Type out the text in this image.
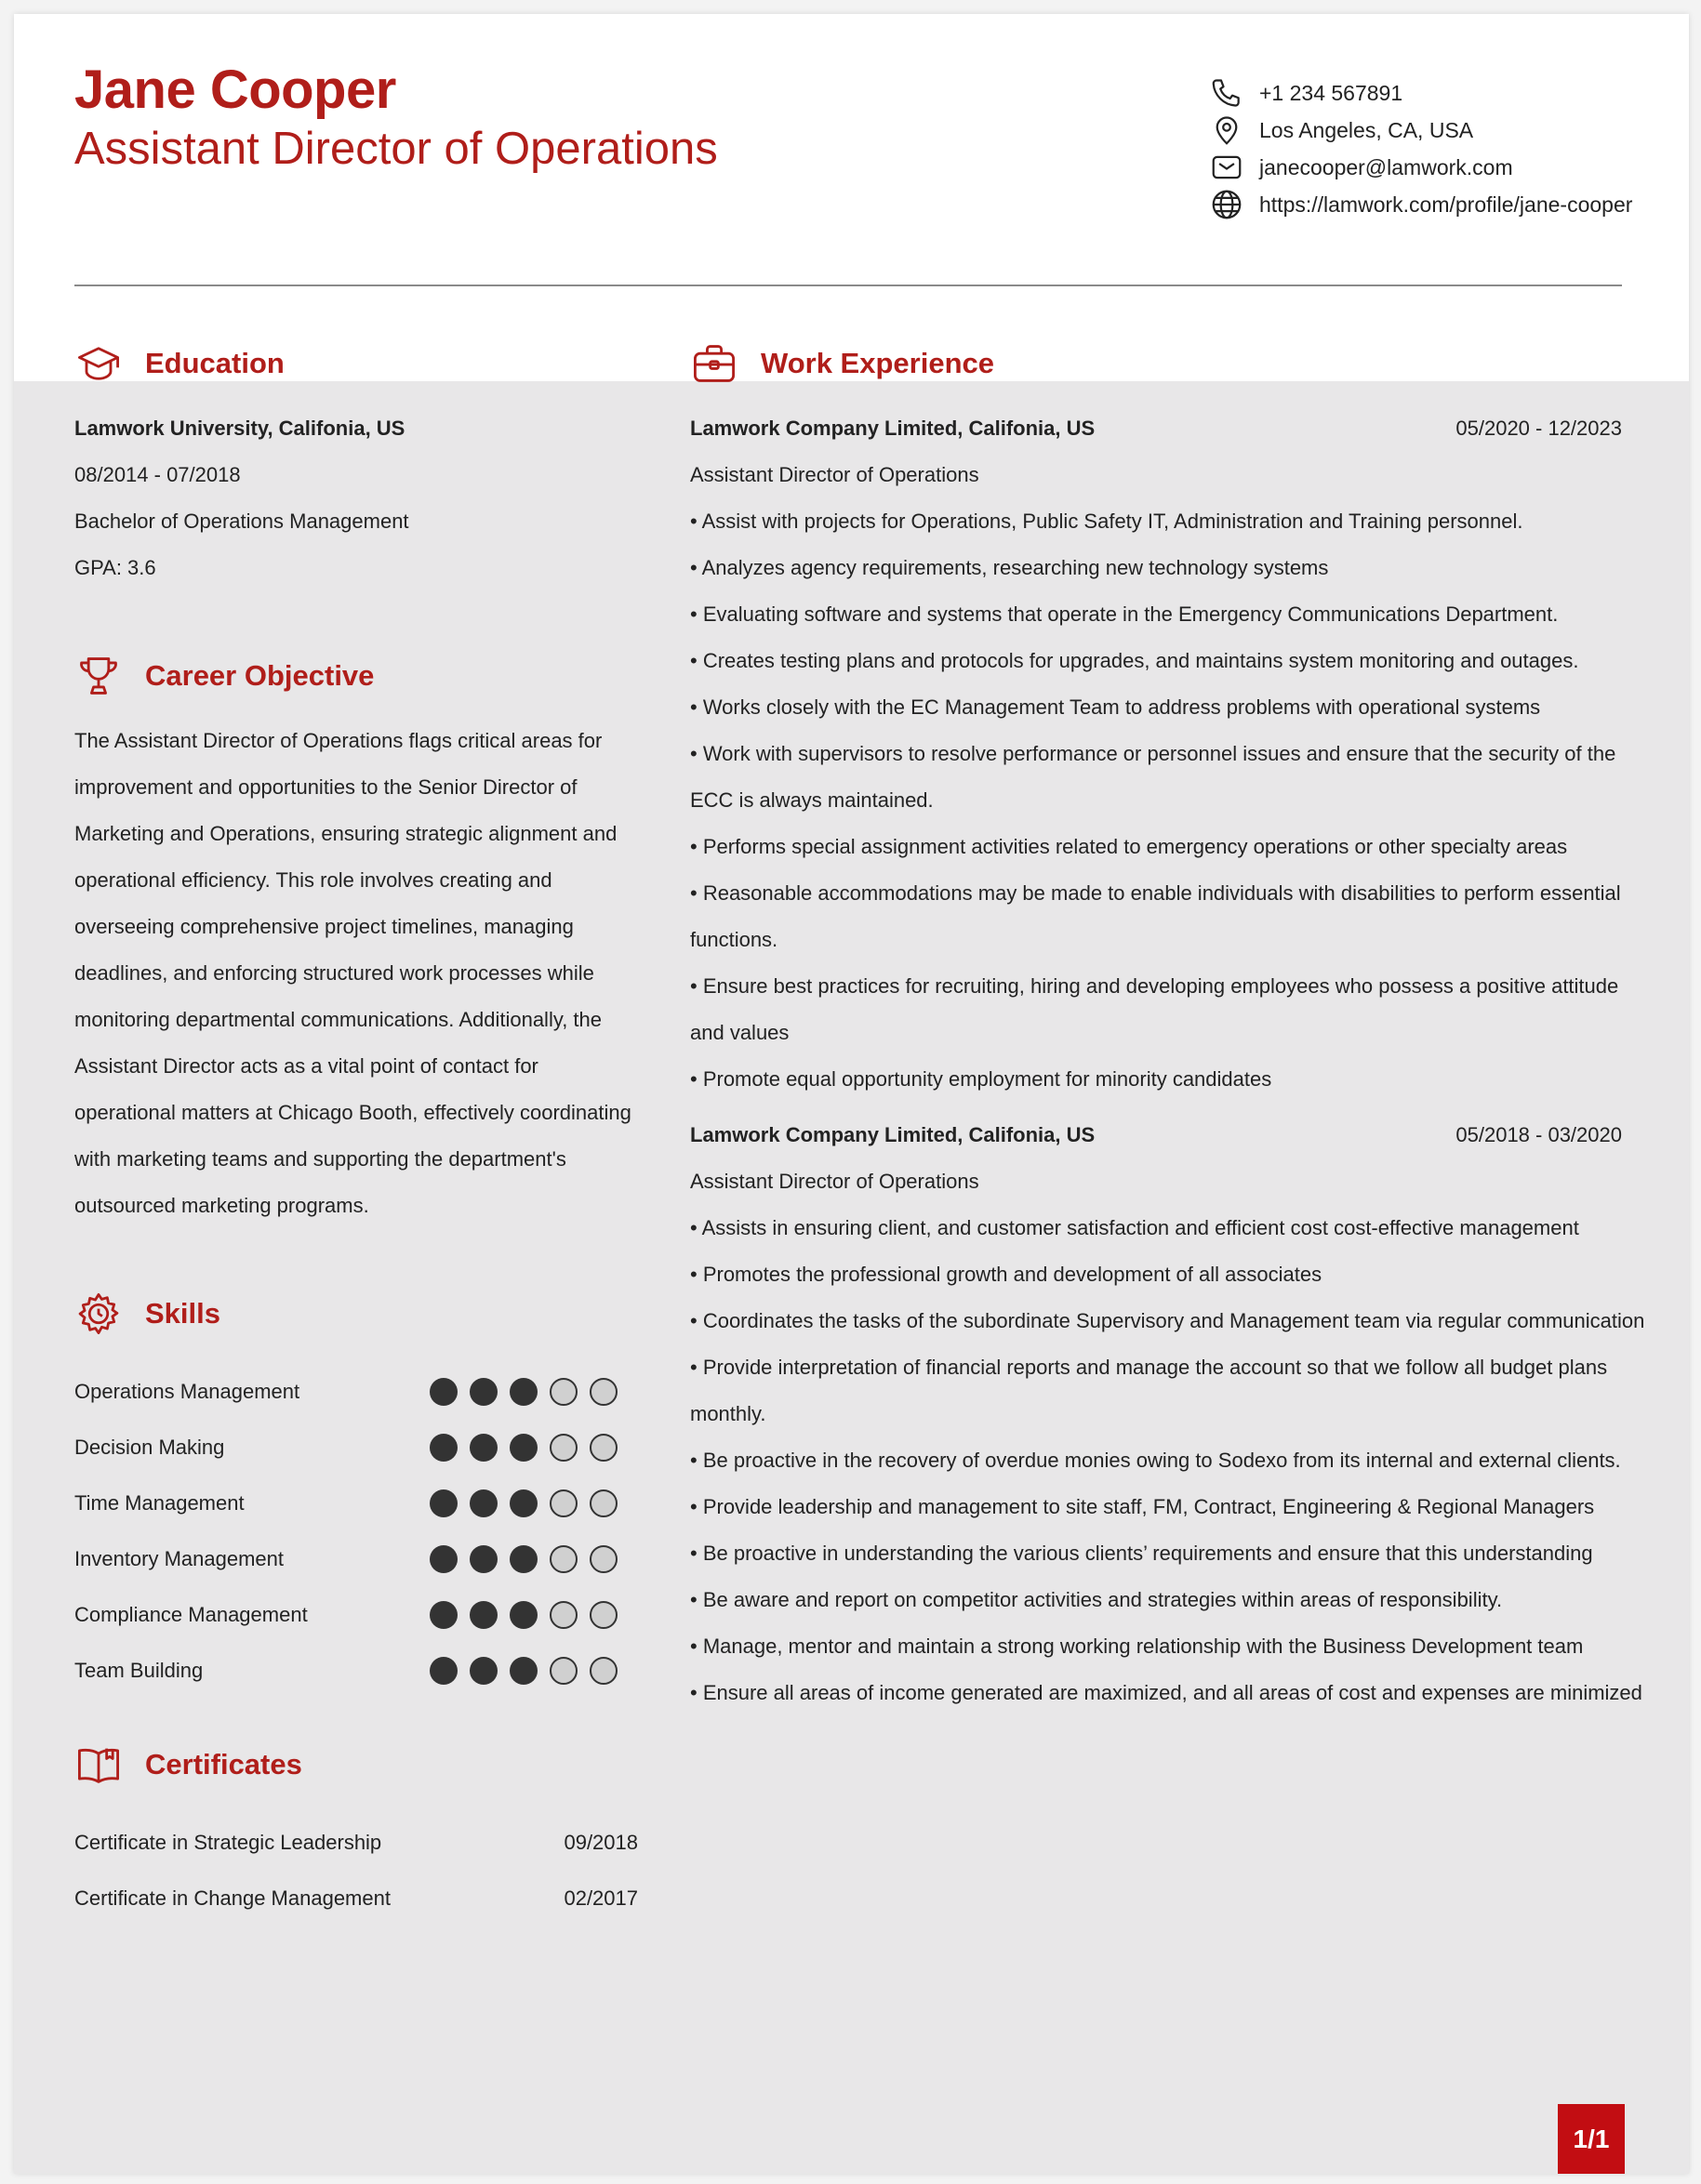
Jane Cooper
Assistant Director of Operations
+1 234 567891
Los Angeles, CA, USA
janecooper@lamwork.com
https://lamwork.com/profile/jane-cooper
Education
Lamwork University, Califonia, US
08/2014 - 07/2018
Bachelor of Operations Management
GPA: 3.6
Career Objective
The Assistant Director of Operations flags critical areas for
improvement and opportunities to the Senior Director of
Marketing and Operations, ensuring strategic alignment and
operational efficiency. This role involves creating and
overseeing comprehensive project timelines, managing
deadlines, and enforcing structured work processes while
monitoring departmental communications. Additionally, the
Assistant Director acts as a vital point of contact for
operational matters at Chicago Booth, effectively coordinating
with marketing teams and supporting the department's
outsourced marketing programs.
Skills
Operations Management
Decision Making
Time Management
Inventory Management
Compliance Management
Team Building
Certificates
Certificate in Strategic Leadership	09/2018
Certificate in Change Management	02/2017
Work Experience
Lamwork Company Limited, Califonia, US	05/2020 - 12/2023
Assistant Director of Operations
• Assist with projects for Operations, Public Safety IT, Administration and Training personnel.
• Analyzes agency requirements, researching new technology systems
• Evaluating software and systems that operate in the Emergency Communications Department.
• Creates testing plans and protocols for upgrades, and maintains system monitoring and outages.
• Works closely with the EC Management Team to address problems with operational systems
• Work with supervisors to resolve performance or personnel issues and ensure that the security of the
ECC is always maintained.
• Performs special assignment activities related to emergency operations or other specialty areas
• Reasonable accommodations may be made to enable individuals with disabilities to perform essential
functions.
• Ensure best practices for recruiting, hiring and developing employees who possess a positive attitude
and values
• Promote equal opportunity employment for minority candidates
Lamwork Company Limited, Califonia, US	05/2018 - 03/2020
Assistant Director of Operations
• Assists in ensuring client, and customer satisfaction and efficient cost cost-effective management
• Promotes the professional growth and development of all associates
• Coordinates the tasks of the subordinate Supervisory and Management team via regular communication
• Provide interpretation of financial reports and manage the account so that we follow all budget plans
monthly.
• Be proactive in the recovery of overdue monies owing to Sodexo from its internal and external clients.
• Provide leadership and management to site staff, FM, Contract, Engineering & Regional Managers
• Be proactive in understanding the various clients’ requirements and ensure that this understanding
• Be aware and report on competitor activities and strategies within areas of responsibility.
• Manage, mentor and maintain a strong working relationship with the Business Development team
• Ensure all areas of income generated are maximized, and all areas of cost and expenses are minimized
1/1
